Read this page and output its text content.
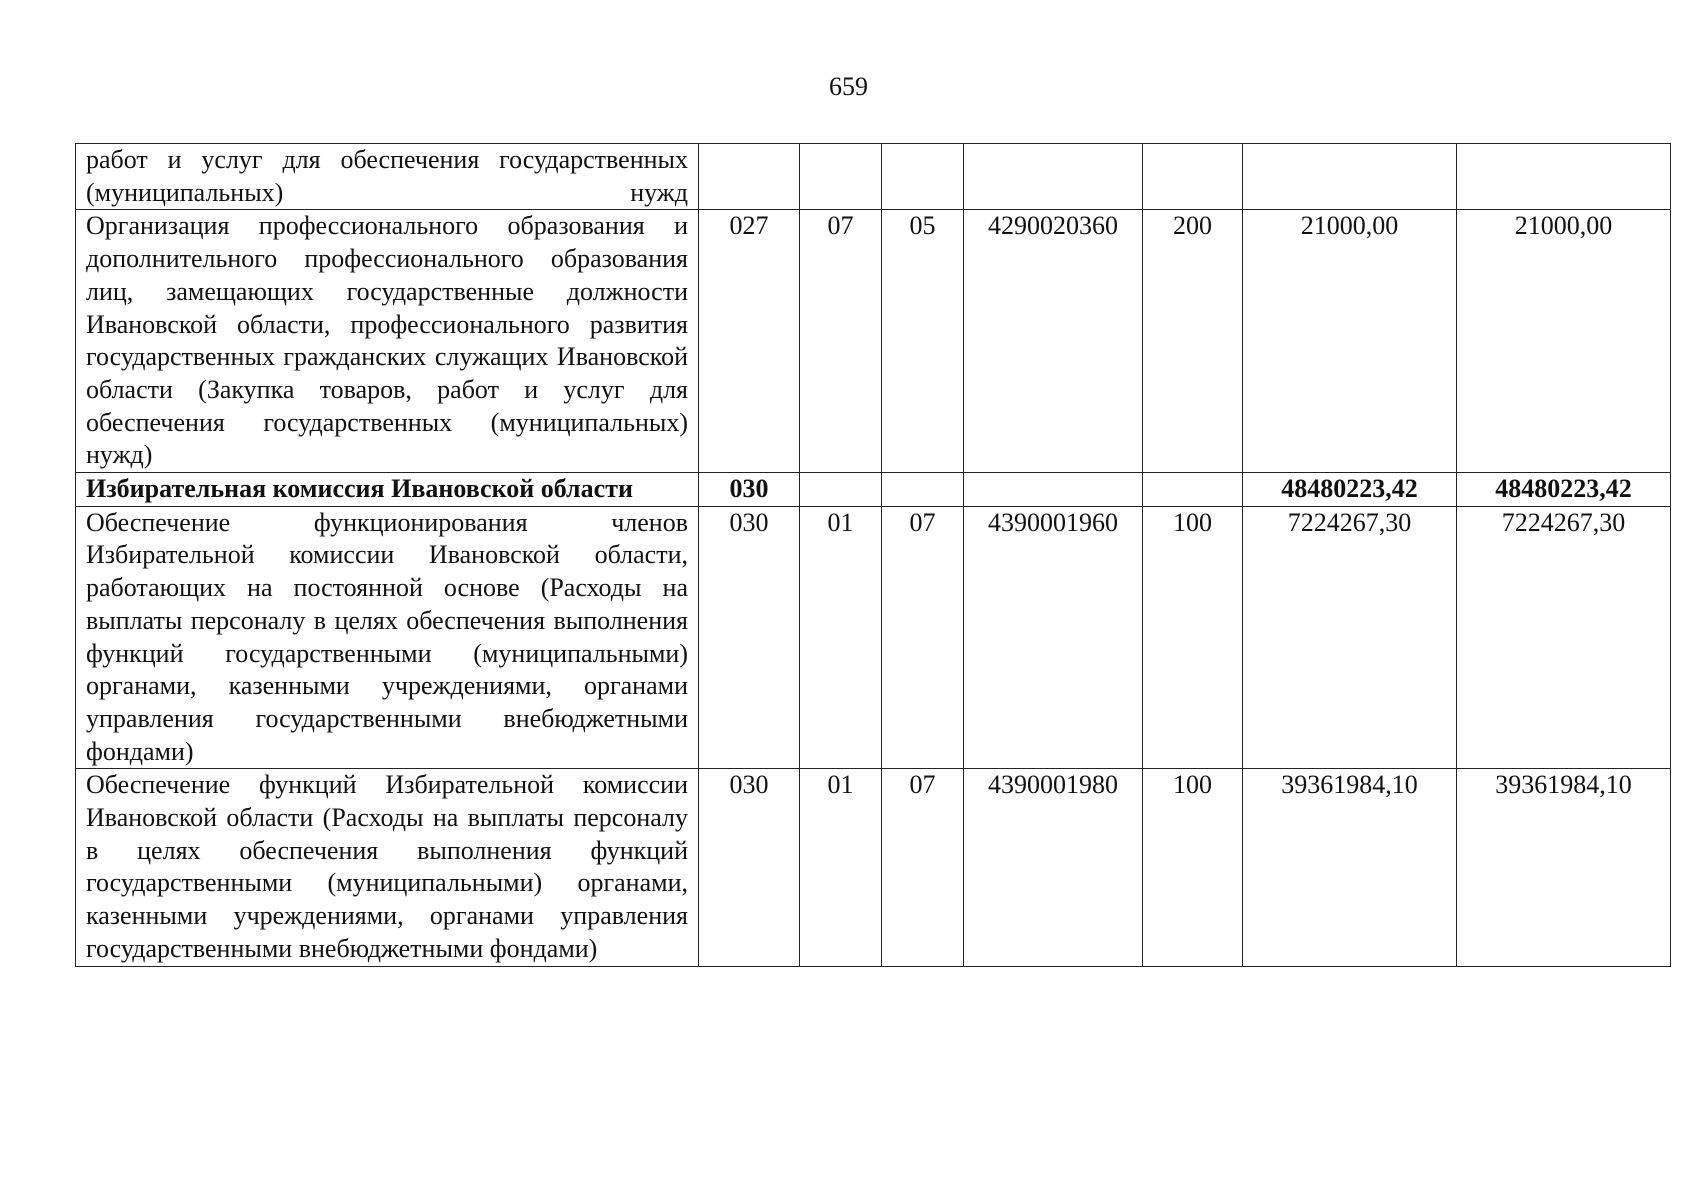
659
работ и услуг для обеспечения государственных (муниципальных) нужд							
Организация профессионального образования и дополнительного профессионального образования лиц, замещающих государственные должности Ивановской области, профессионального развития государственных гражданских служащих Ивановской области (Закупка товаров, работ и услуг для обеспечения государственных (муниципальных) нужд)	027	07	05	4290020360	200	21000,00	21000,00
Избирательная комиссия Ивановской области	030					48480223,42	48480223,42
Обеспечение функционирования членов Избирательной комиссии Ивановской области, работающих на постоянной основе (Расходы на выплаты персоналу в целях обеспечения выполнения функций государственными (муниципальными) органами, казенными учреждениями, органами управления государственными внебюджетными фондами)	030	01	07	4390001960	100	7224267,30	7224267,30
Обеспечение функций Избирательной комиссии Ивановской области (Расходы на выплаты персоналу в целях обеспечения выполнения функций государственными (муниципальными) органами, казенными учреждениями, органами управления государственными внебюджетными фондами)	030	01	07	4390001980	100	39361984,10	39361984,10
